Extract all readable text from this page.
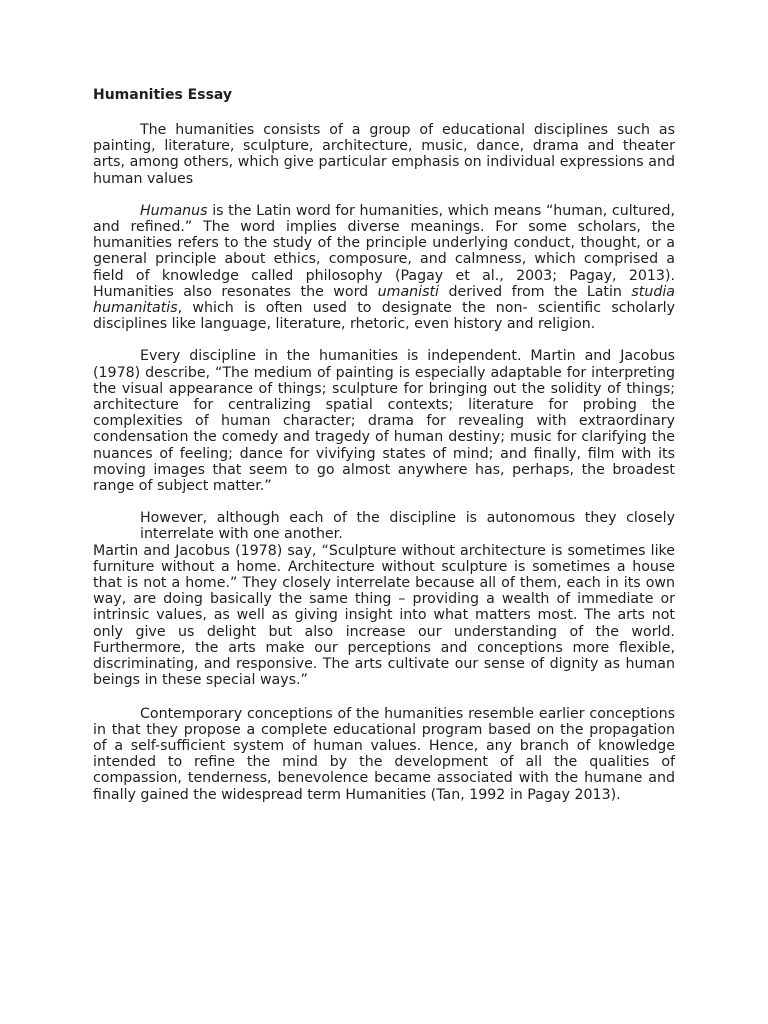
Humanities Essay

The humanities consists of a group of educational disciplines such as painting, literature, sculpture, architecture, music, dance, drama and theater arts, among others, which give particular emphasis on individual expressions and human values

Humanus is the Latin word for humanities, which means “human, cultured, and refined.” The word implies diverse meanings. For some scholars, the humanities refers to the study of the principle underlying conduct, thought, or a general principle about ethics, composure, and calmness, which comprised a field of knowledge called philosophy (Pagay et al., 2003; Pagay, 2013). Humanities also resonates the word umanisti derived from the Latin studia humanitatis, which is often used to designate the non- scientific scholarly disciplines like language, literature, rhetoric, even history and religion.

Every discipline in the humanities is independent. Martin and Jacobus (1978) describe, “The medium of painting is especially adaptable for interpreting the visual appearance of things; sculpture for bringing out the solidity of things; architecture for centralizing spatial contexts; literature for probing the complexities of human character; drama for revealing with extraordinary condensation the comedy and tragedy of human destiny; music for clarifying the nuances of feeling; dance for vivifying states of mind; and finally, film with its moving images that seem to go almost anywhere has, perhaps, the broadest range of subject matter.”

However, although each of the discipline is autonomous they closely interrelate with one another.

Martin and Jacobus (1978) say, “Sculpture without architecture is sometimes like furniture without a home. Architecture without sculpture is sometimes a house that is not a home.” They closely interrelate because all of them, each in its own way, are doing basically the same thing – providing a wealth of immediate or intrinsic values, as well as giving insight into what matters most. The arts not only give us delight but also increase our understanding of the world. Furthermore, the arts make our perceptions and conceptions more flexible, discriminating, and responsive. The arts cultivate our sense of dignity as human beings in these special ways.”

Contemporary conceptions of the humanities resemble earlier conceptions in that they propose a complete educational program based on the propagation of a self-sufficient system of human values. Hence, any branch of knowledge intended to refine the mind by the development of all the qualities of compassion, tenderness, benevolence became associated with the humane and finally gained the widespread term Humanities (Tan, 1992 in Pagay 2013).
